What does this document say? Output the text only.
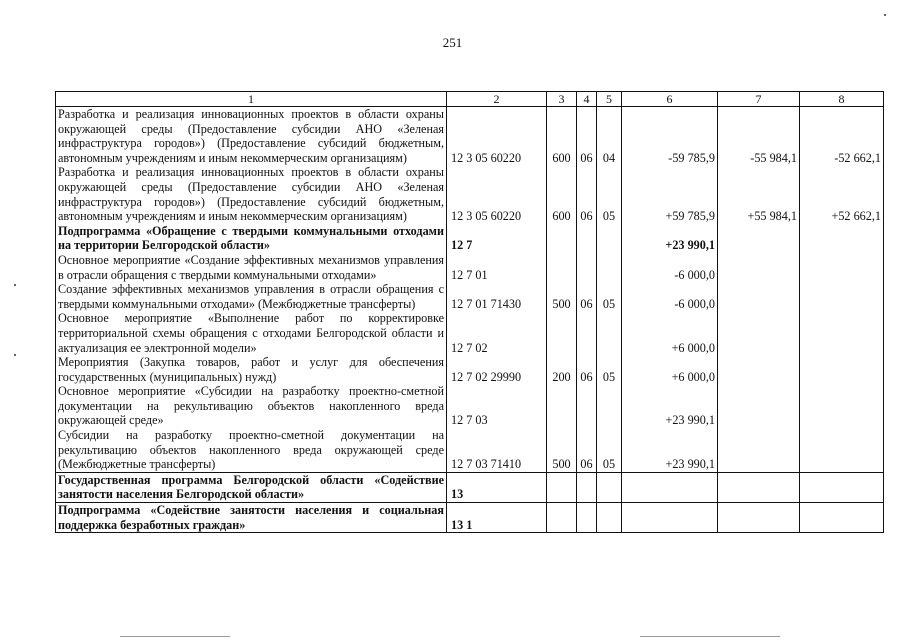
251
1	2	3	4	5	6	7	8
Разработка и реализация инновационных проектов в области охраны окружающей среды (Предоставление субсидии АНО «Зеленая инфраструктура городов») (Предоставление субсидий бюджетным, автономным учреждениям и иным некоммерческим организациям)	12 3 05 60220	600	06	04	-59 785,9	-55 984,1	-52 662,1
Разработка и реализация инновационных проектов в области охраны окружающей среды (Предоставление субсидии АНО «Зеленая инфраструктура городов») (Предоставление субсидий бюджетным, автономным учреждениям и иным некоммерческим организациям)	12 3 05 60220	600	06	05	+59 785,9	+55 984,1	+52 662,1
Подпрограмма «Обращение с твердыми коммунальными отходами на территории Белгородской области»	12 7				+23 990,1		
Основное мероприятие «Создание эффективных механизмов управления в отрасли обращения с твердыми коммунальными отходами»	12 7 01				-6 000,0		
Создание эффективных механизмов управления в отрасли обращения с твердыми коммунальными отходами» (Межбюджетные трансферты)	12 7 01 71430	500	06	05	-6 000,0		
Основное мероприятие «Выполнение работ по корректировке территориальной схемы обращения с отходами Белгородской области и актуализация ее электронной модели»	12 7 02				+6 000,0		
Мероприятия (Закупка товаров, работ и услуг для обеспечения государственных (муниципальных) нужд)	12 7 02 29990	200	06	05	+6 000,0		
Основное мероприятие «Субсидии на разработку проектно-сметной документации на рекультивацию объектов накопленного вреда окружающей среде»	12 7 03				+23 990,1		
Субсидии на разработку проектно-сметной документации на рекультивацию объектов накопленного вреда окружающей среде (Межбюджетные трансферты)	12 7 03 71410	500	06	05	+23 990,1		
Государственная программа Белгородской области «Содействие занятости населения Белгородской области»	13						
Подпрограмма «Содействие занятости населения и социальная поддержка безработных граждан»	13 1						
